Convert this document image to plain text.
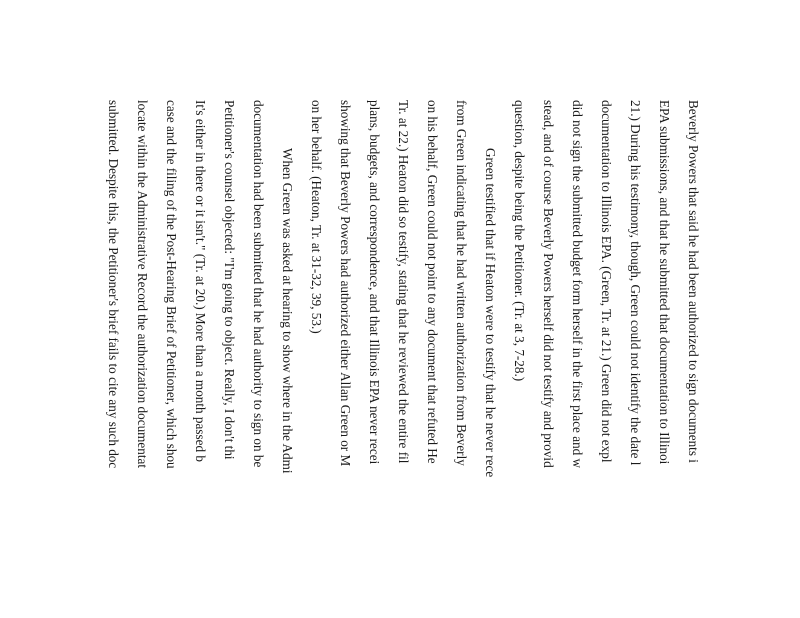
Beverly Powers that said he had been authorized to sign documents i
EPA submissions, and that he submitted that documentation to Illinoi
21.) During his testimony, though, Green could not identify the date l
documentation to Illinois EPA. (Green, Tr. at 21.) Green did not expl
did not sign the submitted budget form herself in the first place and w
stead, and of course Beverly Powers herself did not testify and provid
question, despite being the Petitioner. (Tr. at 3, 7-28.)
Green testified that if Heaton were to testify that he never rece
from Green indicating that he had written authorization from Beverly
on his behalf, Green could not point to any document that refuted He
Tr. at 22.) Heaton did so testify, stating that he reviewed the entire fil
plans, budgets, and correspondence, and that Illinois EPA never recei
showing that Beverly Powers had authorized either Allan Green or M
on her behalf. (Heaton, Tr. at 31-32, 39, 53.)
When Green was asked at hearing to show where in the Admi
documentation had been submitted that he had authority to sign on be
Petitioner's counsel objected: "I'm going to object. Really, I don't thi
It's either in there or it isn't." (Tr. at 20.) More than a month passed b
case and the filing of the Post-Hearing Brief of Petitioner, which shou
locate within the Administrative Record the authorization documentat
submitted. Despite this, the Petitioner's brief fails to cite any such doc
